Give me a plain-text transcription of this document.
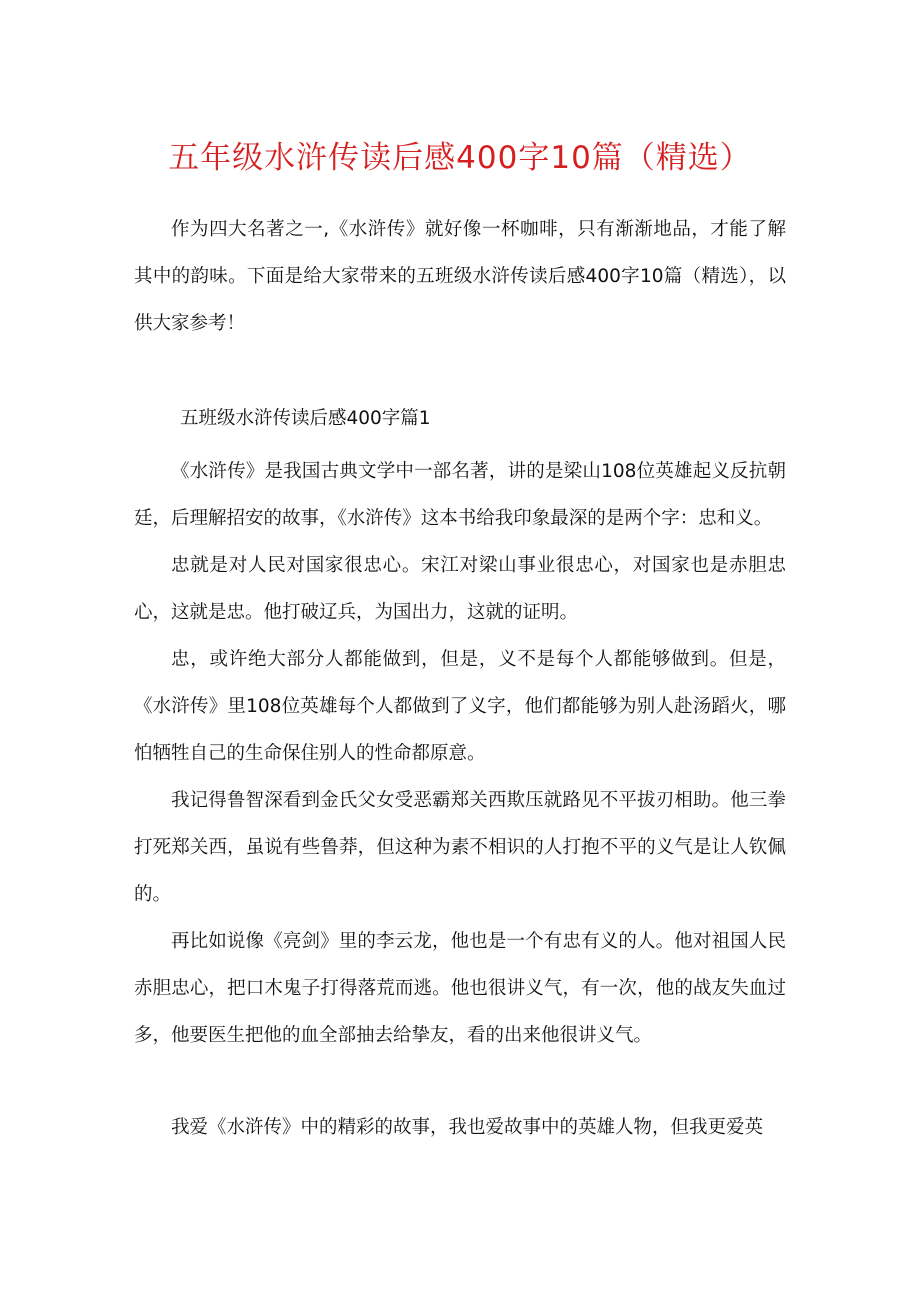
五年级水浒传读后感400字10篇（精选）

作为四大名著之一,《水浒传》就好像一杯咖啡，只有渐渐地品，才能了解其中的韵味。下面是给大家带来的五班级水浒传读后感400字10篇（精选），以供大家参考！

五班级水浒传读后感400字篇1

《水浒传》是我国古典文学中一部名著，讲的是梁山108位英雄起义反抗朝廷，后理解招安的故事，《水浒传》这本书给我印象最深的是两个字：忠和义。

忠就是对人民对国家很忠心。宋江对梁山事业很忠心，对国家也是赤胆忠心，这就是忠。他打破辽兵，为国出力，这就的证明。

忠，或许绝大部分人都能做到，但是，义不是每个人都能够做到。但是，《水浒传》里108位英雄每个人都做到了义字，他们都能够为别人赴汤蹈火，哪怕牺牲自己的生命保住别人的性命都原意。

我记得鲁智深看到金氏父女受恶霸郑关西欺压就路见不平拔刃相助。他三拳打死郑关西，虽说有些鲁莽，但这种为素不相识的人打抱不平的义气是让人钦佩的。

再比如说像《亮剑》里的李云龙，他也是一个有忠有义的人。他对祖国人民赤胆忠心，把口木鬼子打得落荒而逃。他也很讲义气，有一次，他的战友失血过多，他要医生把他的血全部抽去给挚友，看的出来他很讲义气。

我爱《水浒传》中的精彩的故事，我也爱故事中的英雄人物，但我更爱英
